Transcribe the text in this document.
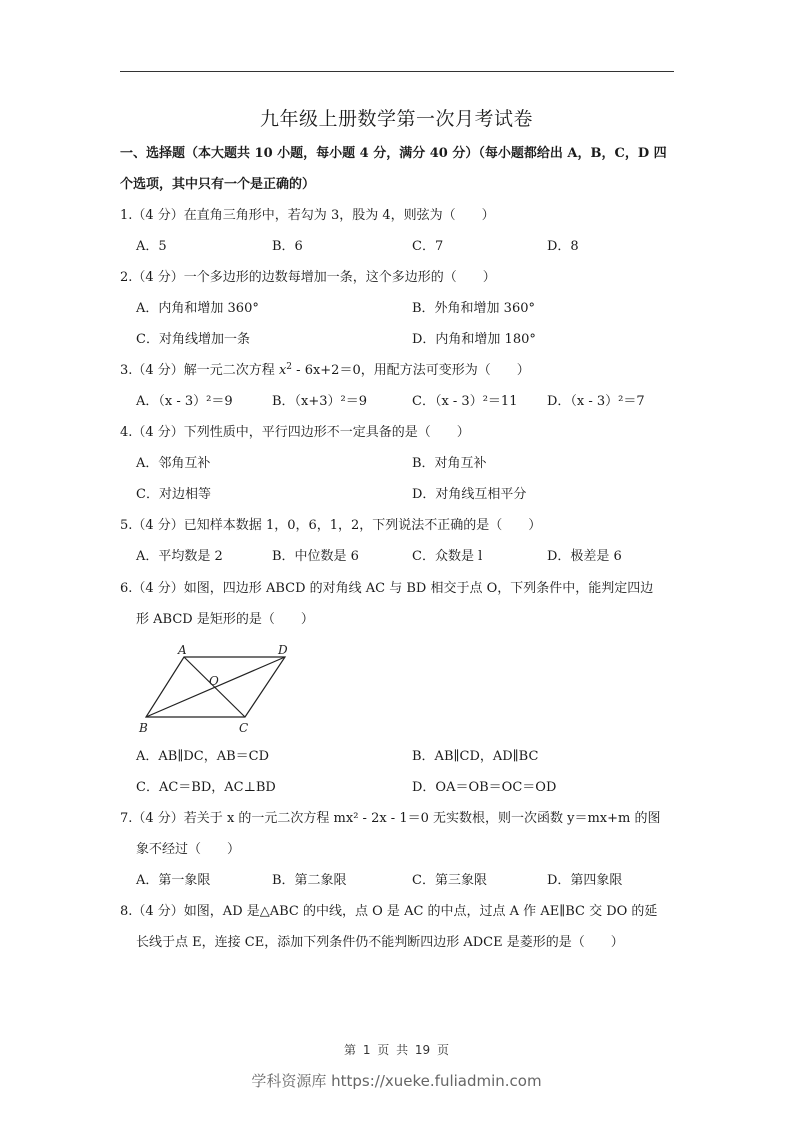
九年级上册数学第一次月考试卷
一、选择题（本大题共 10 小题，每小题 4 分，满分 40 分）（每小题都给出 A，B，C，D 四
个选项，其中只有一个是正确的）
1.（4 分）在直角三角形中，若勾为 3，股为 4，则弦为（　　）
A．5	B．6	C．7	D．8
2.（4 分）一个多边形的边数每增加一条，这个多边形的（　　）
A．内角和增加 360°	B．外角和增加 360°
C．对角线增加一条	D．内角和增加 180°
3.（4 分）解一元二次方程 $x^2 - 6x+2=0$，用配方法可变形为（　　）
A．（x - 3）²＝9	B．（x+3）²＝9	C．（x - 3）²＝11 D．（x - 3）²＝7
4.（4 分）下列性质中，平行四边形不一定具备的是（　　）
A．邻角互补	B．对角互补
C．对边相等	D．对角线互相平分
5.（4 分）已知样本数据 1，0，6，1，2，下列说法不正确的是（　　）
A．平均数是 2	B．中位数是 6	C．众数是 l	D．极差是 6
6.（4 分）如图，四边形 ABCD 的对角线 AC 与 BD 相交于点 O，下列条件中，能判定四边
形 ABCD 是矩形的是（　　）
A	D
O
B	C
A．AB∥DC，AB＝CD	B．AB∥CD，AD∥BC
C．AC＝BD，AC⊥BD	D．OA＝OB＝OC＝OD
7.（4 分）若关于 x 的一元二次方程 mx² - 2x - 1＝0 无实数根，则一次函数 y＝mx+m 的图
象不经过（　　）
A．第一象限	B．第二象限	C．第三象限	D．第四象限
8.（4 分）如图，AD 是△ABC 的中线，点 O 是 AC 的中点，过点 A 作 AE∥BC 交 DO 的延
长线于点 E，连接 CE，添加下列条件仍不能判断四边形 ADCE 是菱形的是（　　）
第 1 页 共 19 页
学科资源库 https://xueke.fuliadmin.com
